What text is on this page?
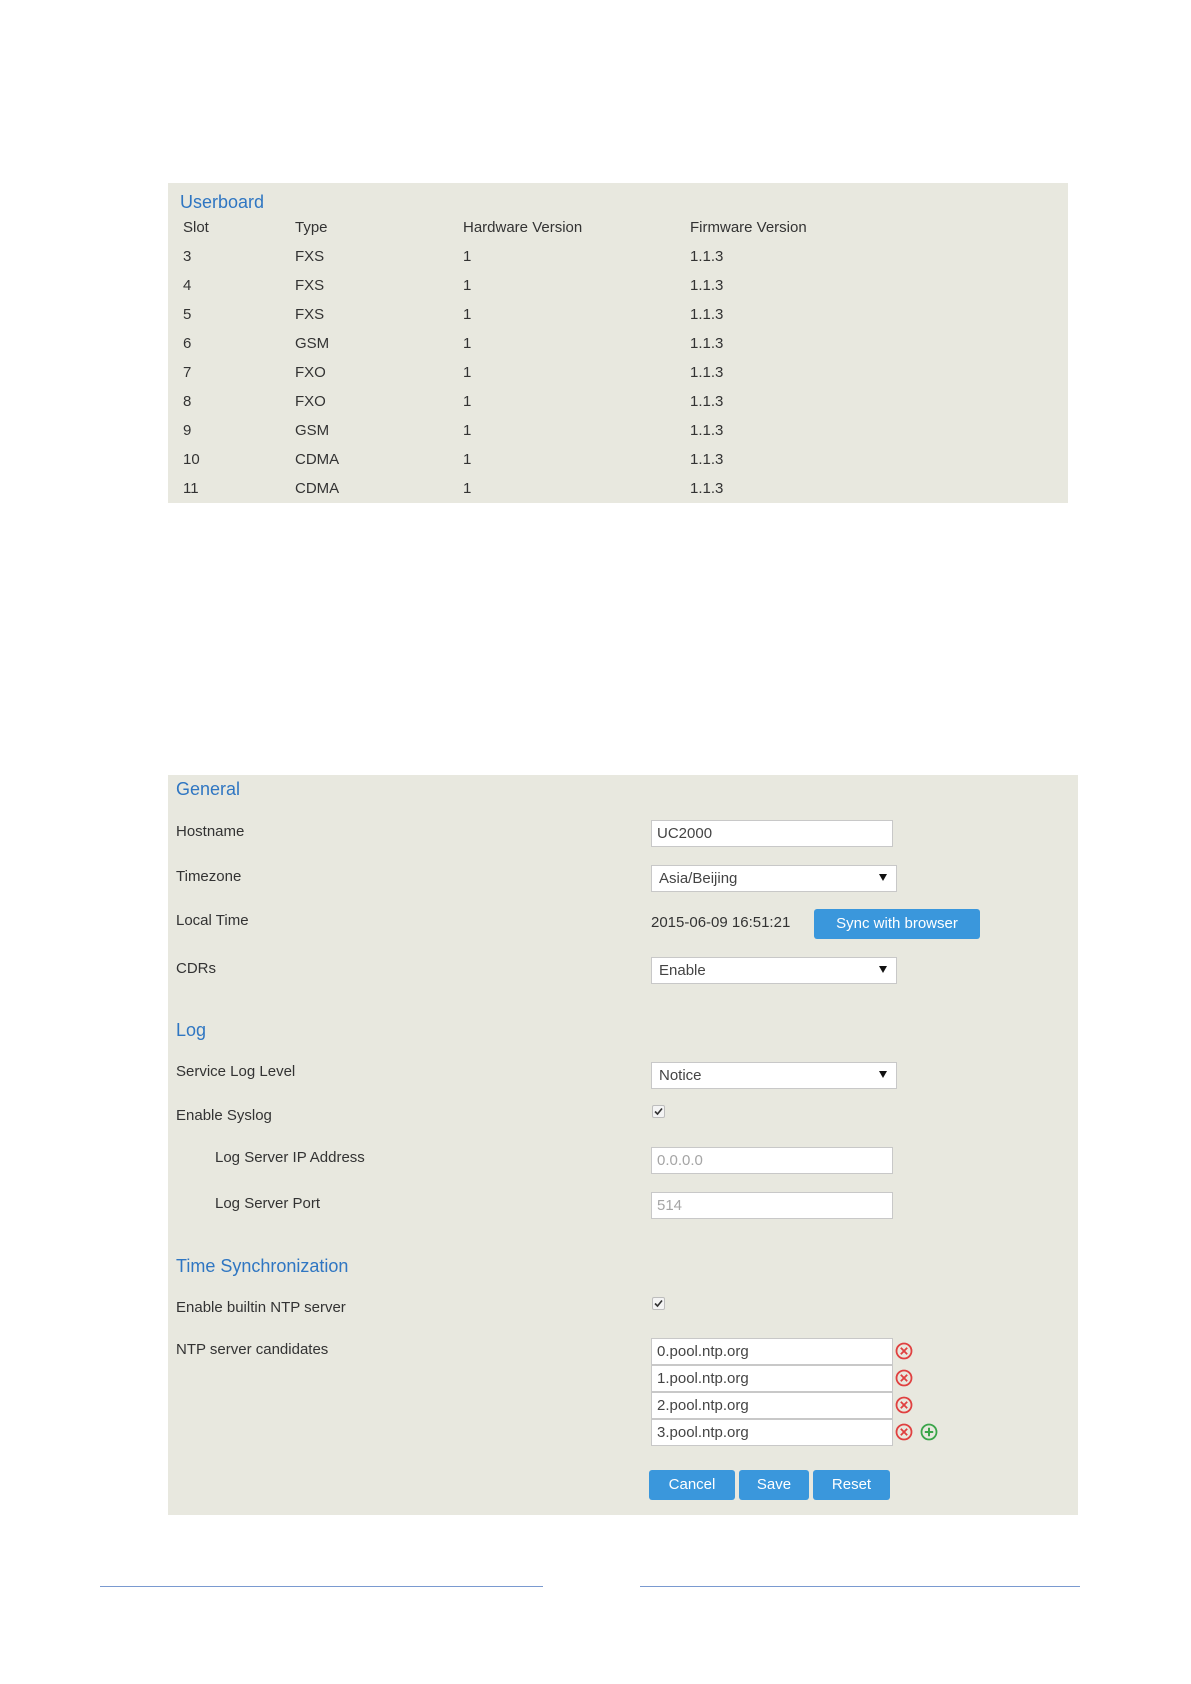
Userboard
Slot	Type	Hardware Version	Firmware Version
3	FXS	1	1.1.3
4	FXS	1	1.1.3
5	FXS	1	1.1.3
6	GSM	1	1.1.3
7	FXO	1	1.1.3
8	FXO	1	1.1.3
9	GSM	1	1.1.3
10	CDMA	1	1.1.3
11	CDMA	1	1.1.3
General
Hostname	UC2000
Timezone	Asia/Beijing
Local Time	2015-06-09 16:51:21	Sync with browser
CDRs	Enable
Log
Service Log Level	Notice
Enable Syslog
Log Server IP Address	0.0.0.0
Log Server Port	514
Time Synchronization
Enable builtin NTP server
NTP server candidates	0.pool.ntp.org
1.pool.ntp.org
2.pool.ntp.org
3.pool.ntp.org
Cancel	Save	Reset
